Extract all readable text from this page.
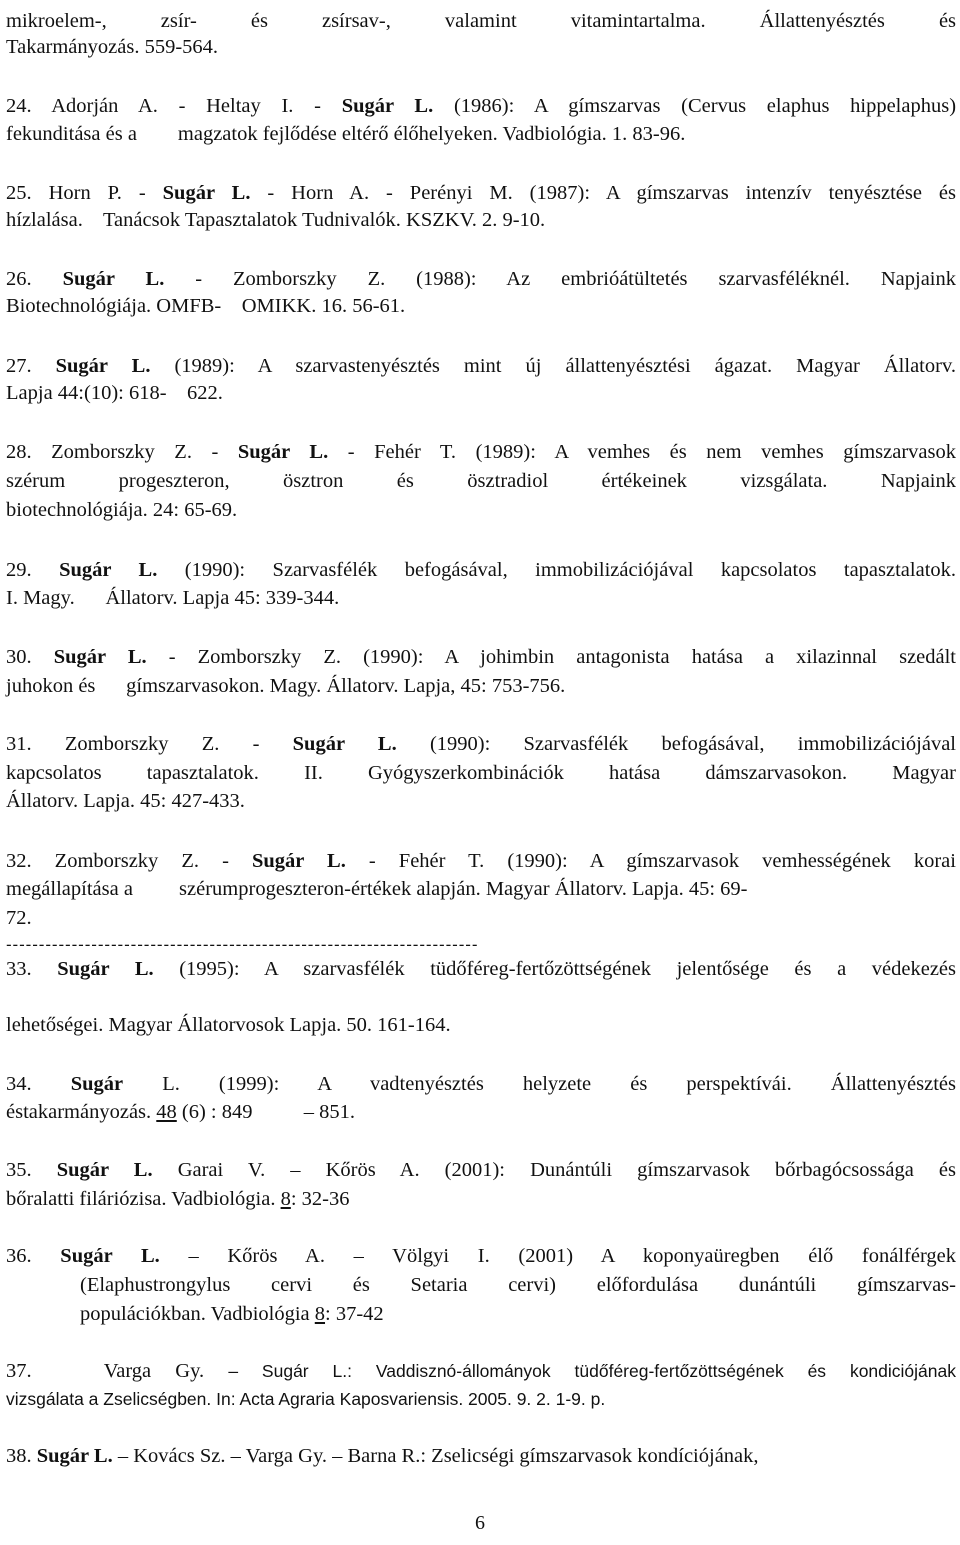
mikroelem-, zsír- és zsírsav-,	valamint	vitamintartalma.	Állattenyésztés	és
Takarmányozás. 559-564.
24. Adorján A. - Heltay I. - Sugár L. (1986): A gímszarvas (Cervus elaphus hippelaphus)
fekunditása és a        magzatok fejlődése eltérő élőhelyeken. Vadbiológia. 1. 83-96.
25. Horn P. - Sugár L. - Horn A. - Perényi M. (1987): A gímszarvas intenzív tenyésztése és
hízlalása.    Tanácsok Tapasztalatok Tudnivalók. KSZKV. 2. 9-10.
26. Sugár L. - Zomborszky Z. (1988): Az embrióátültetés szarvasféléknél. Napjaink
Biotechnológiája. OMFB-    OMIKK. 16. 56-61.
27. Sugár L. (1989): A szarvastenyésztés mint új állattenyésztési ágazat. Magyar Állatorv.
Lapja 44:(10): 618-    622.
28. Zomborszky Z. - Sugár L. - Fehér T. (1989): A vemhes és nem vemhes gímszarvasok
szérum progeszteron, ösztron és ösztradiol értékeinek vizsgálata. Napjaink
biotechnológiája. 24: 65-69.
29. Sugár L. (1990): Szarvasfélék befogásával, immobilizációjával kapcsolatos tapasztalatok.
I. Magy.      Állatorv. Lapja 45: 339-344.
30. Sugár L. - Zomborszky Z. (1990): A johimbin antagonista hatása a xilazinnal szedált
juhokon és      gímszarvasokon. Magy. Állatorv. Lapja, 45: 753-756.
31. Zomborszky Z. - Sugár L. (1990): Szarvasfélék befogásával, immobilizációjával
kapcsolatos tapasztalatok. II. Gyógyszerkombinációk hatása dámszarvasokon. Magyar
Állatorv. Lapja. 45: 427-433.
32. Zomborszky Z. - Sugár L. - Fehér T. (1990): A gímszarvasok vemhességének korai
megállapítása a         szérumprogeszteron-értékek alapján. Magyar Állatorv. Lapja. 45: 69-
72.
------------------------------------------------------------------------
33. Sugár L. (1995): A szarvasfélék tüdőféreg-fertőzöttségének jelentősége és a védekezés
lehetőségei. Magyar Állatorvosok Lapja. 50. 161-164.
34. Sugár L. (1999): A vadtenyésztés helyzete és perspektívái. Állattenyésztés
éstakarmányozás. 48 (6) : 849          – 851.
35. Sugár L. Garai V. – Kőrös A. (2001): Dunántúli gímszarvasok bőrbagócsossága és
bőralatti filáriózisa. Vadbiológia. 8: 32-36
36. Sugár L. – Kőrös A. – Völgyi I. (2001) A koponyaüregben élő fonálférgek
(Elaphustrongylus cervi és Setaria cervi) előfordulása dunántúli gímszarvas-
populációkban. Vadbiológia 8: 37-42
37.   Varga Gy. – Sugár L.: Vaddisznó-állományok tüdőféreg-fertőzöttségének és kondiciójának
vizsgálata a Zselicségben. In: Acta Agraria Kaposvariensis. 2005. 9. 2. 1-9. p.
38. Sugár L. – Kovács Sz. – Varga Gy. – Barna R.: Zselicségi gímszarvasok kondíciójának,
6
